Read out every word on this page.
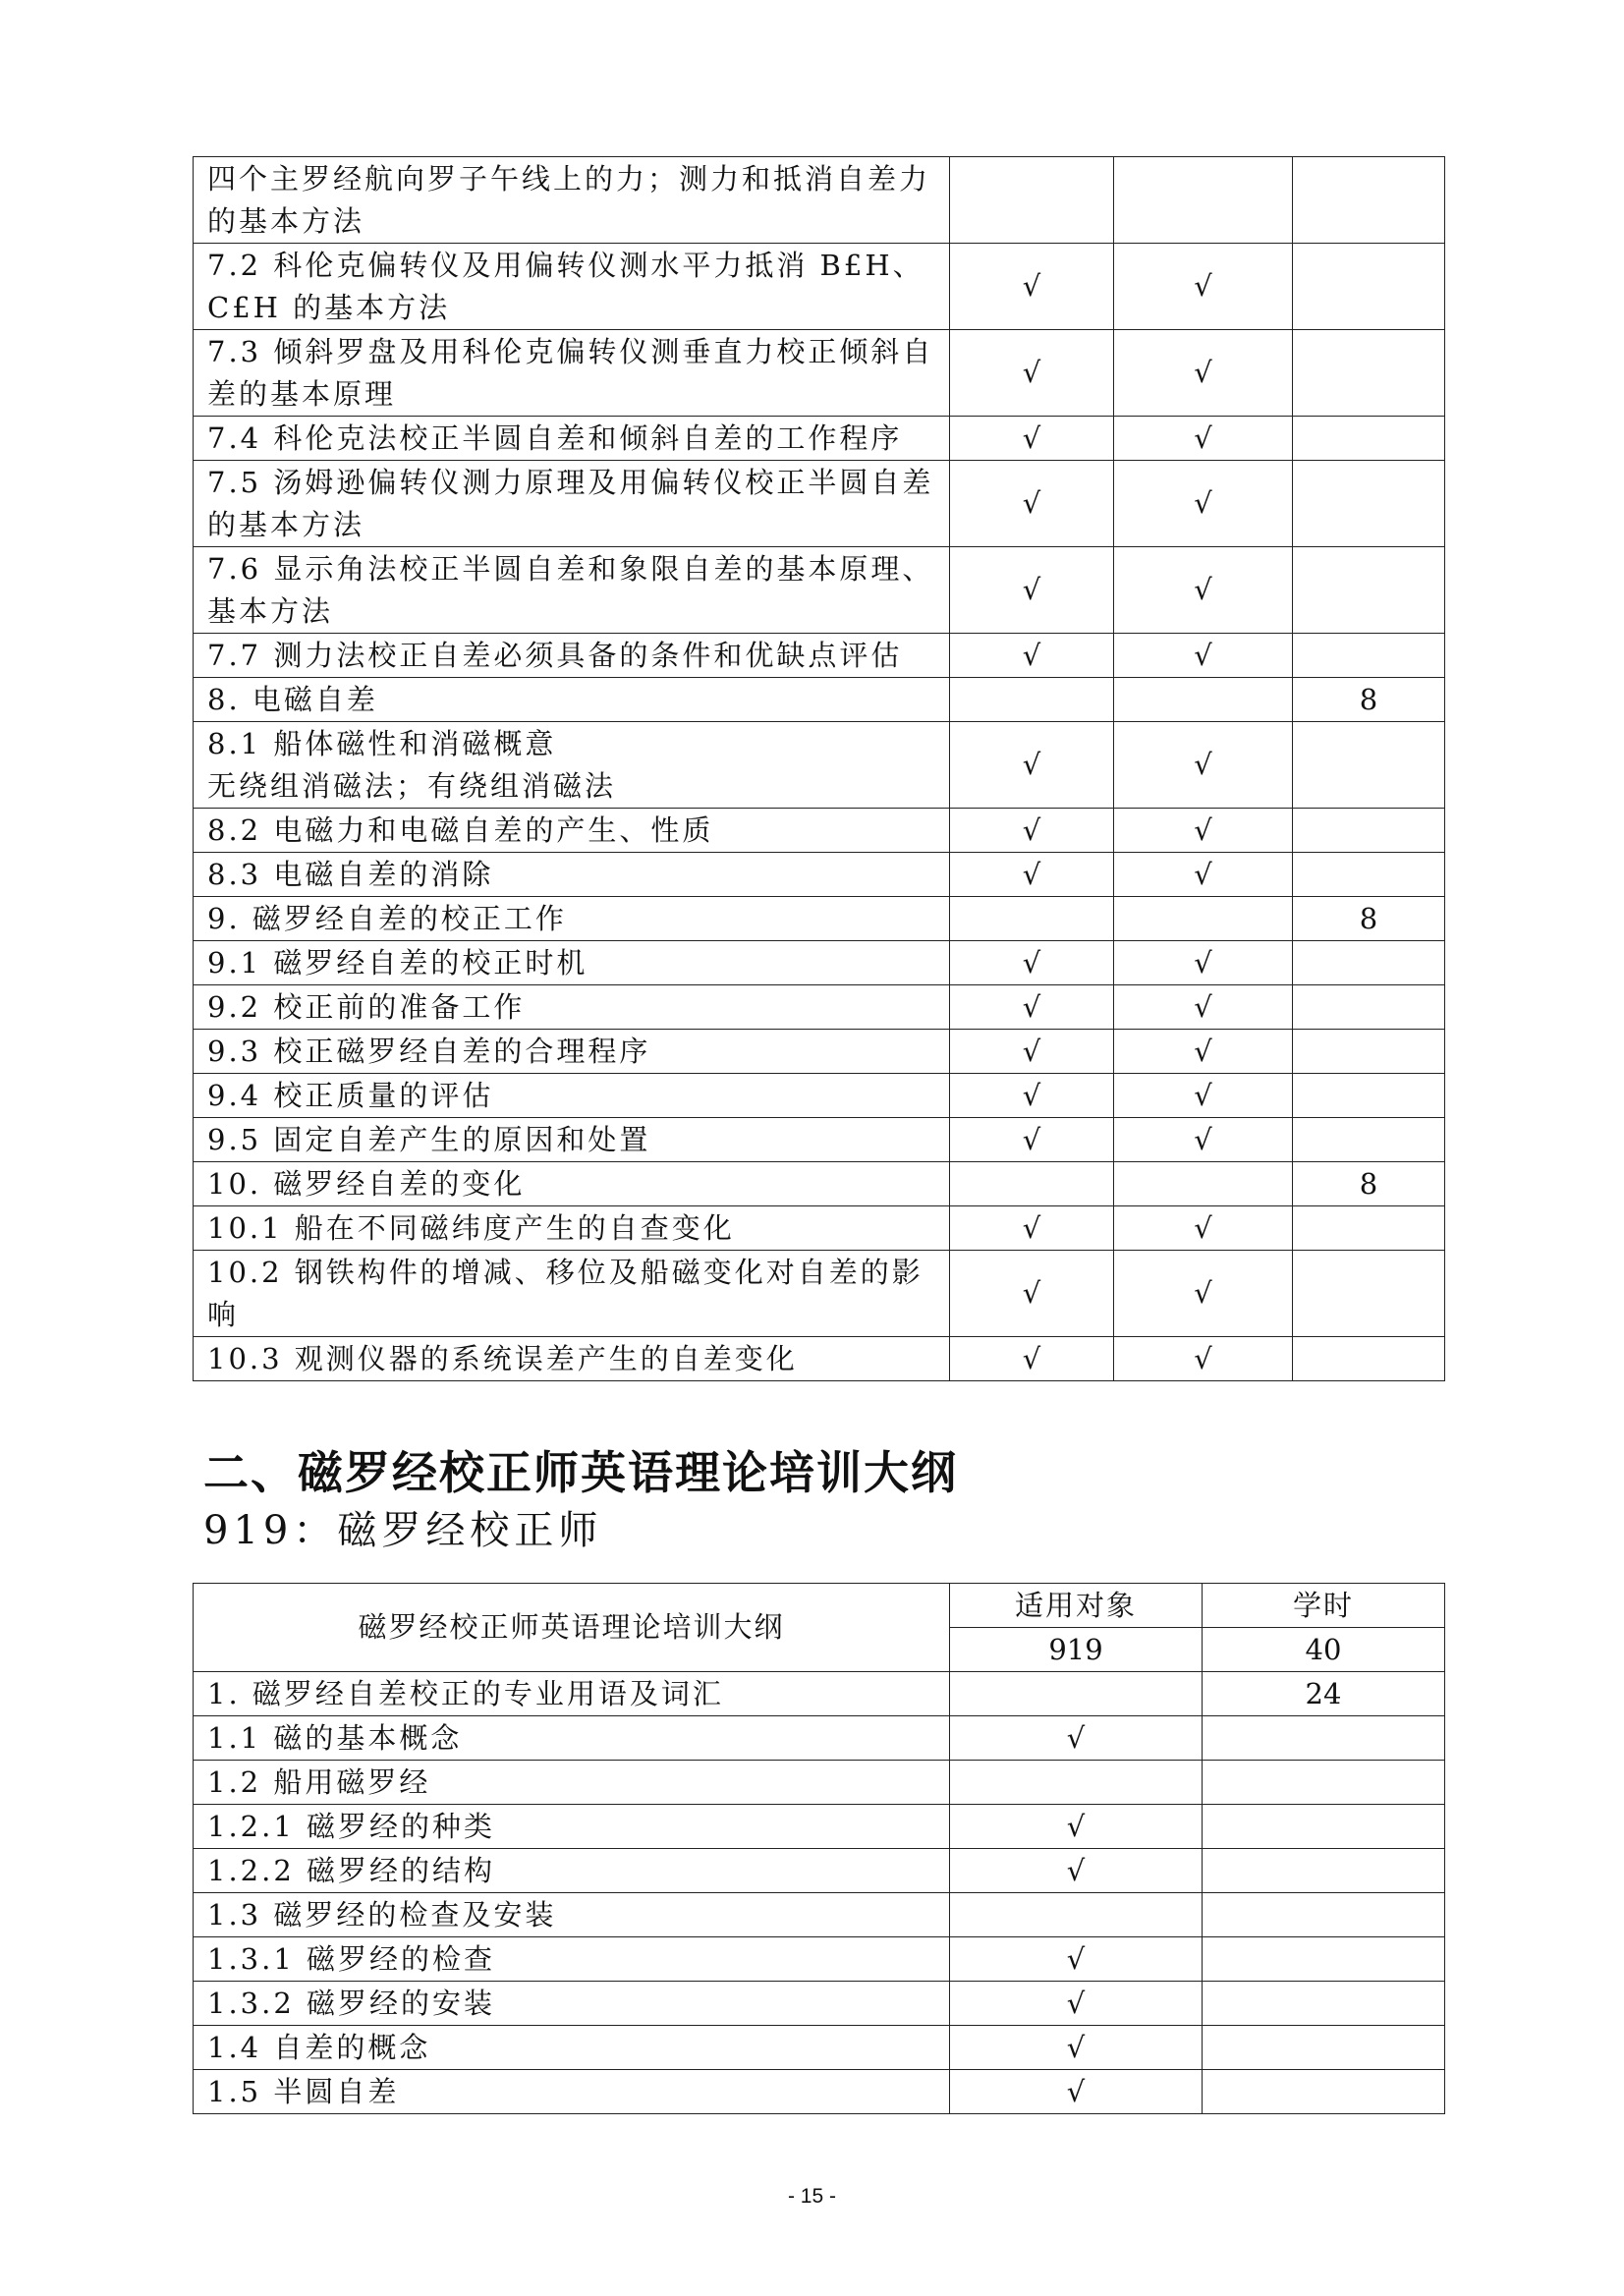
四个主罗经航向罗子午线上的力；测力和抵消自差力的基本方法			
7.2 科伦克偏转仪及用偏转仪测水平力抵消 B£H、C£H 的基本方法	√	√	
7.3 倾斜罗盘及用科伦克偏转仪测垂直力校正倾斜自差的基本原理	√	√	
7.4 科伦克法校正半圆自差和倾斜自差的工作程序	√	√	
7.5 汤姆逊偏转仪测力原理及用偏转仪校正半圆自差的基本方法	√	√	
7.6 显示角法校正半圆自差和象限自差的基本原理、基本方法	√	√	
7.7 测力法校正自差必须具备的条件和优缺点评估	√	√	
8. 电磁自差			8
8.1 船体磁性和消磁概意
无绕组消磁法；有绕组消磁法	√	√	
8.2 电磁力和电磁自差的产生、性质	√	√	
8.3 电磁自差的消除	√	√	
9. 磁罗经自差的校正工作			8
9.1 磁罗经自差的校正时机	√	√	
9.2 校正前的准备工作	√	√	
9.3 校正磁罗经自差的合理程序	√	√	
9.4 校正质量的评估	√	√	
9.5 固定自差产生的原因和处置	√	√	
10. 磁罗经自差的变化			8
10.1 船在不同磁纬度产生的自查变化	√	√	
10.2 钢铁构件的增减、移位及船磁变化对自差的影响	√	√	
10.3 观测仪器的系统误差产生的自差变化	√	√	
二、磁罗经校正师英语理论培训大纲
919：磁罗经校正师
磁罗经校正师英语理论培训大纲	适用对象	学时
	919	40
1. 磁罗经自差校正的专业用语及词汇		24
1.1 磁的基本概念	√	
1.2 船用磁罗经		
1.2.1 磁罗经的种类	√	
1.2.2 磁罗经的结构	√	
1.3 磁罗经的检查及安装		
1.3.1 磁罗经的检查	√	
1.3.2 磁罗经的安装	√	
1.4 自差的概念	√	
1.5 半圆自差	√	
- 15 -
